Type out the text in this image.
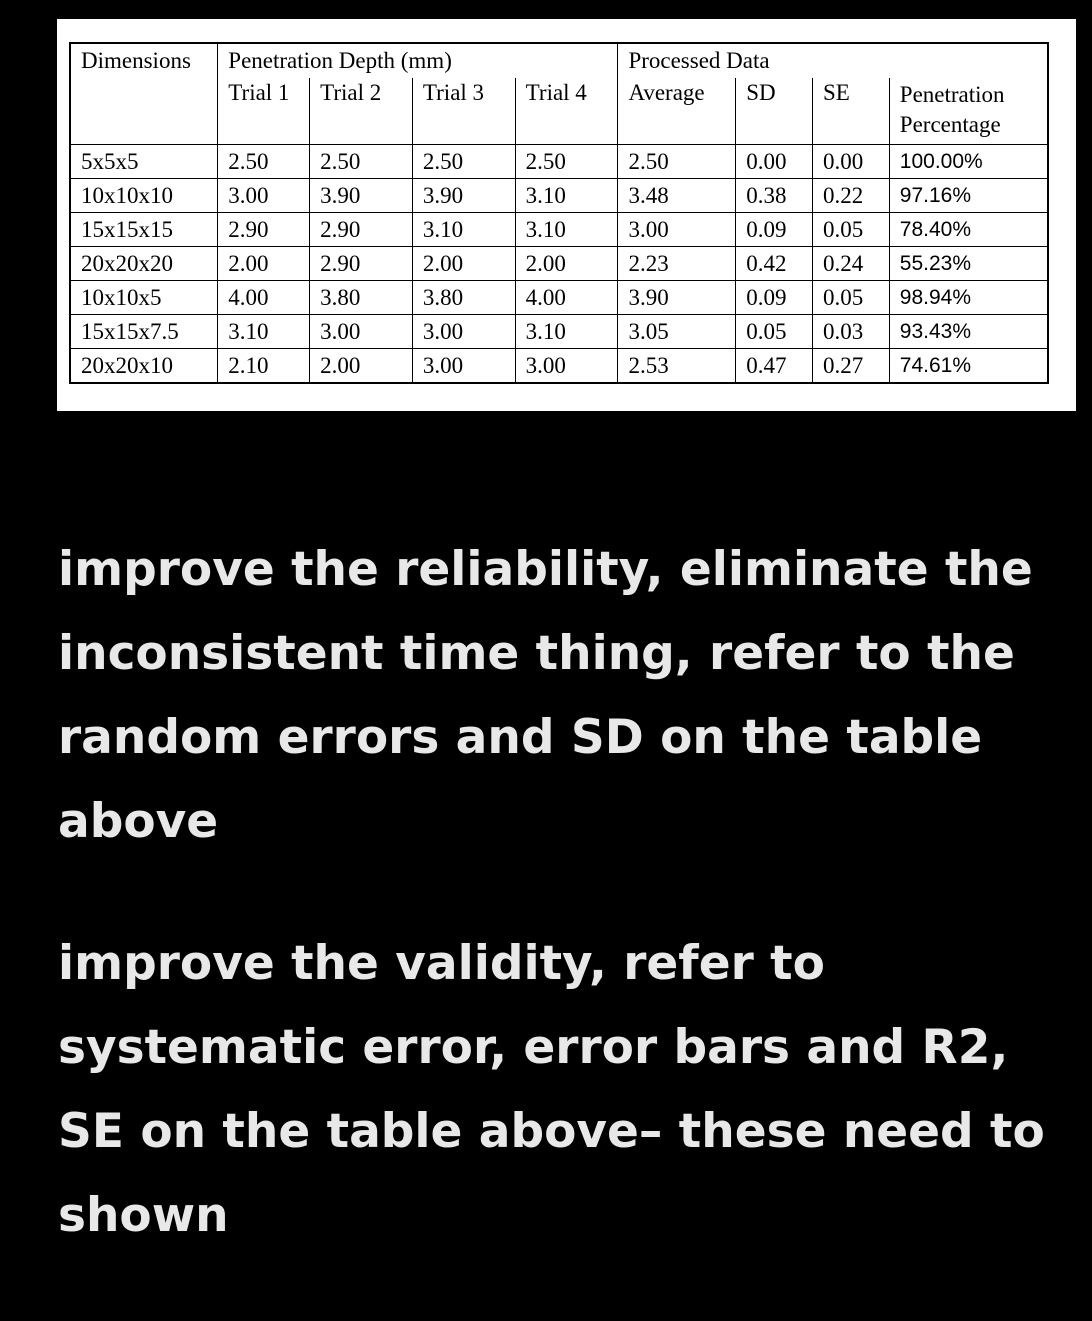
Dimensions	Penetration Depth (mm)				Processed Data			
	Trial 1	Trial 2	Trial 3	Trial 4	Average	SD	SE	Penetration Percentage
5x5x5	2.50	2.50	2.50	2.50	2.50	0.00	0.00	100.00%
10x10x10	3.00	3.90	3.90	3.10	3.48	0.38	0.22	97.16%
15x15x15	2.90	2.90	3.10	3.10	3.00	0.09	0.05	78.40%
20x20x20	2.00	2.90	2.00	2.00	2.23	0.42	0.24	55.23%
10x10x5	4.00	3.80	3.80	4.00	3.90	0.09	0.05	98.94%
15x15x7.5	3.10	3.00	3.00	3.10	3.05	0.05	0.03	93.43%
20x20x10	2.10	2.00	3.00	3.00	2.53	0.47	0.27	74.61%

improve the reliability, eliminate the inconsistent time thing, refer to the random errors and SD on the table above

improve the validity, refer to systematic error, error bars and R2, SE on the table above– these need to shown
